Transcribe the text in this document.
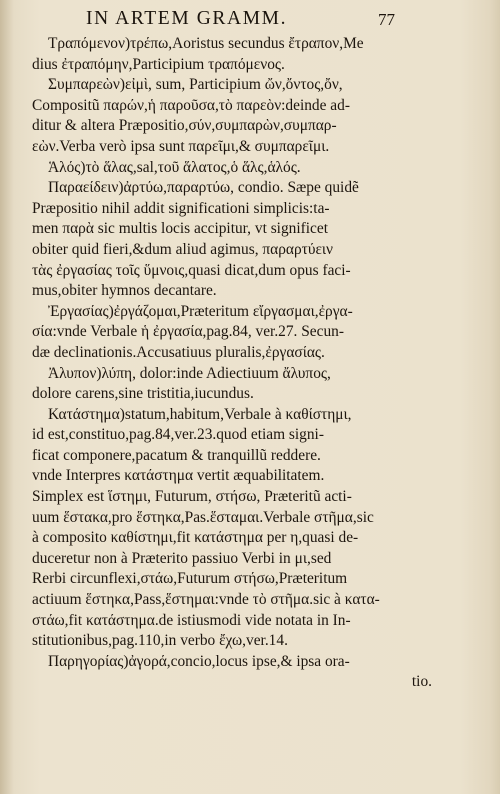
IN ARTEM GRAMM.	77
Τραπόμενον)τρέπω,Aoristus secundus ἔτραπον,Me
dius ἐτραπόμην,Participium τραπόμενος.
Συμπαρεὼν)εἰμὶ, sum, Participium ὤν,ὄντος,ὄν,
Compositũ παρών,ἡ παροῦσα,τὸ παρεὸν:deinde ad-
ditur & altera Præpositio,σύν,συμπαρὼν,συμπαρ-
εὼν.Verba verò ipsa sunt παρεῖμι,& συμπαρεῖμι.
Ἁλός)τὸ ἅλας,sal,τοῦ ἅλατος,ὁ ἅλς,ἁλός.
Παραείδειν)ἀρτύω,παραρτύω, condio. Sæpe quidẽ
Præpositio nihil addit significationi simplicis:ta-
men παρὰ sic multis locis accipitur, vt significet
obiter quid fieri,&dum aliud agimus, παραρτύειν
τὰς ἐργασίας τοῖς ὕμνοις,quasi dicat,dum opus faci-
mus,obiter hymnos decantare.
Ἐργασίας)ἐργάζομαι,Præteritum εἴργασμαι,ἐργα-
σία:vnde Verbale ἡ ἐργασία,pag.84, ver.27. Secun-
dæ declinationis.Accusatiuus pluralis,ἐργασίας.
Ἀλυπον)λύπη, dolor:inde Adiectiuum ἄλυπος,
dolore carens,sine tristitia,iucundus.
Κατάστημα)statum,habitum,Verbale à καθίστημι,
id est,constituo,pag.84,ver.23.quod etiam signi-
ficat componere,pacatum & tranquillũ reddere.
vnde Interpres κατάστημα vertit æquabilitatem.
Simplex est ἵστημι, Futurum, στήσω, Præteritũ acti-
uum ἕστακα,pro ἕστηκα,Pas.ἕσταμαι.Verbale στῆμα,sic
à composito καθίστημι,fit κατάστημα per η,quasi de-
duceretur non à Præterito passiuo Verbi in μι,sed
Rerbi circunflexi,στάω,Futurum στήσω,Præteritum
actiuum ἕστηκα,Pass,ἕστημαι:vnde τὸ στῆμα.sic à κατα-
στάω,fit κατάστημα.de istiusmodi vide notata in In-
stitutionibus,pag.110,in verbo ἔχω,ver.14.
Παρηγορίας)ἀγορά,concio,locus ipse,& ipsa ora-
tio.
